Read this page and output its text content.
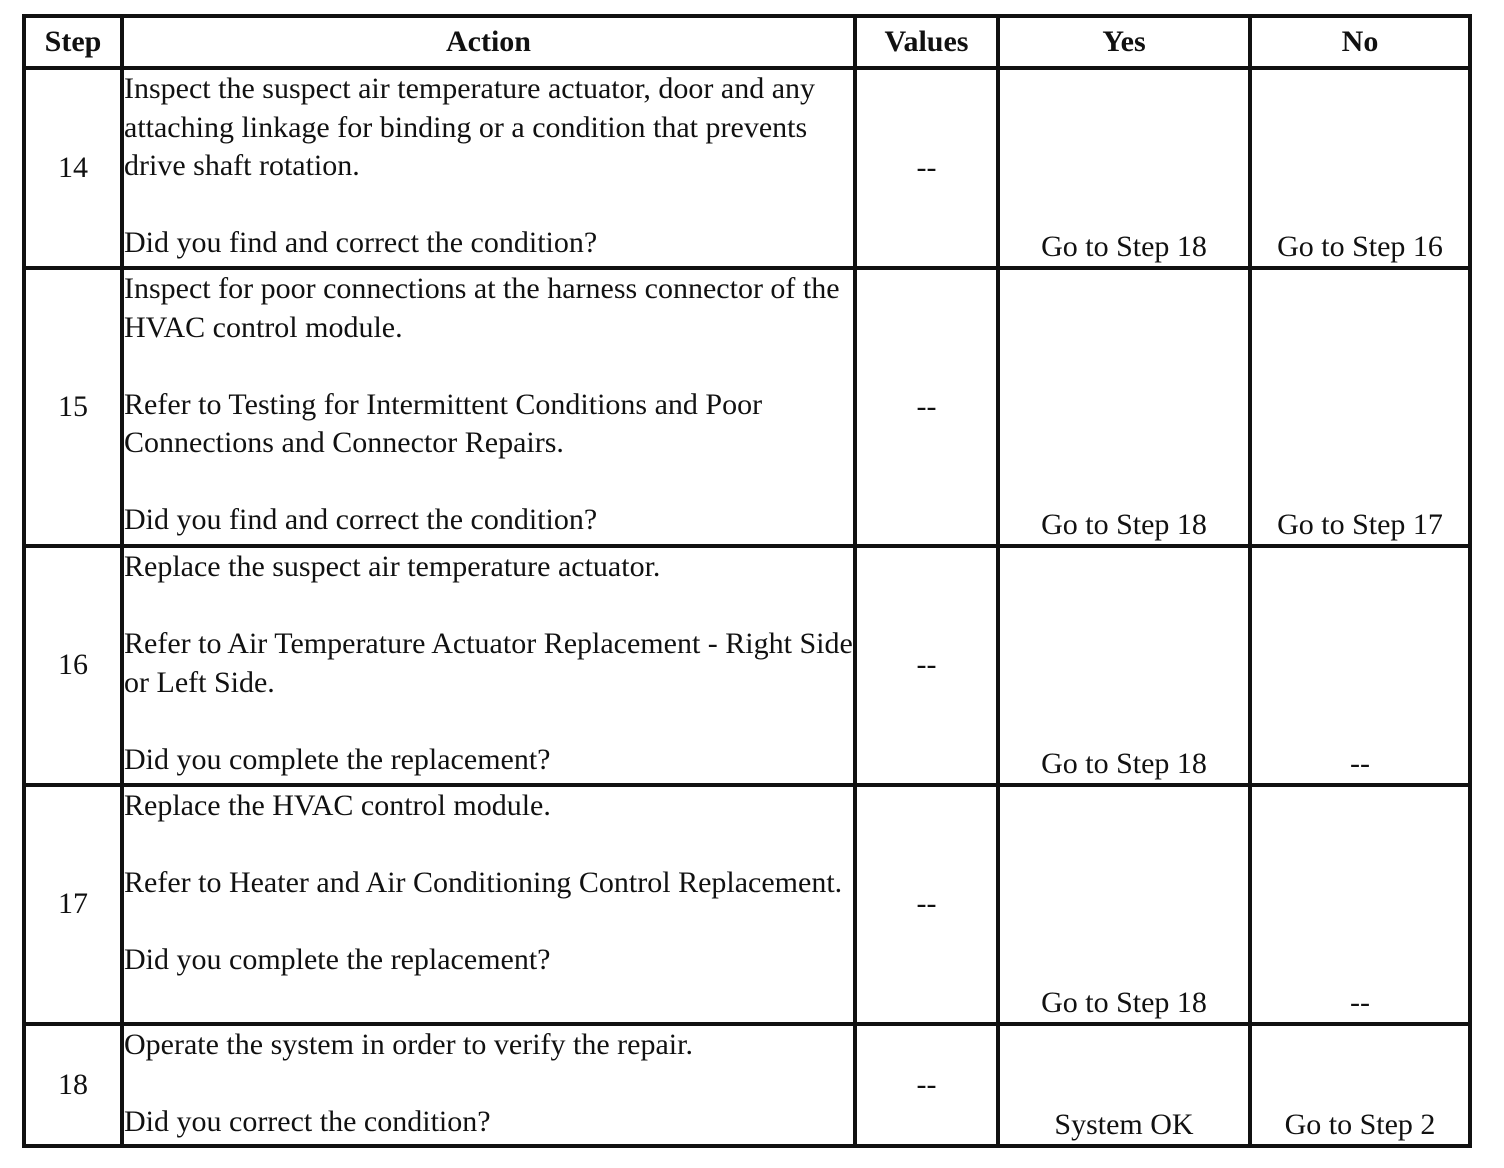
Step	Action	Values	Yes	No
14	Inspect the suspect air temperature actuator, door and any attaching linkage for binding or a condition that prevents drive shaft rotation.
Did you find and correct the condition?	--	Go to Step 18	Go to Step 16
15	Inspect for poor connections at the harness connector of the HVAC control module.
Refer to Testing for Intermittent Conditions and Poor Connections and Connector Repairs.
Did you find and correct the condition?	--	Go to Step 18	Go to Step 17
16	Replace the suspect air temperature actuator.
Refer to Air Temperature Actuator Replacement - Right Side or Left Side.
Did you complete the replacement?	--	Go to Step 18	--
17	Replace the HVAC control module.
Refer to Heater and Air Conditioning Control Replacement.
Did you complete the replacement?	--	Go to Step 18	--
18	Operate the system in order to verify the repair.
Did you correct the condition?	--	System OK	Go to Step 2
